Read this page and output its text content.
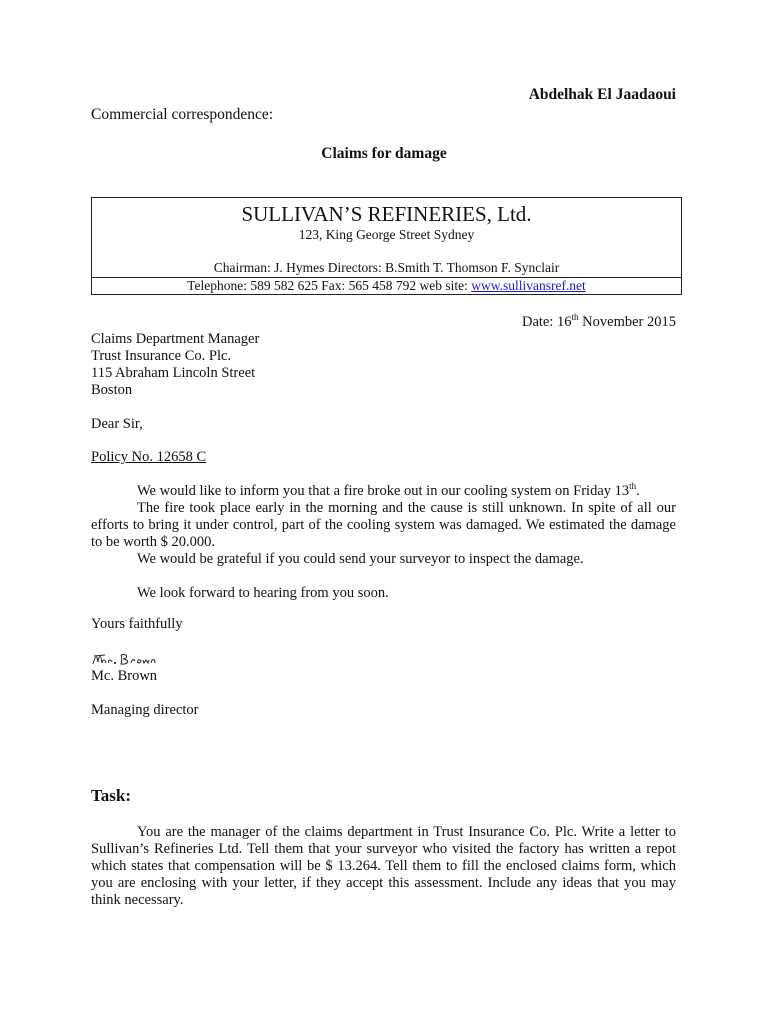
Abdelhak El Jaadaoui
Commercial correspondence:
Claims for damage
SULLIVAN’S REFINERIES, Ltd.
123, King George Street Sydney
Chairman: J. Hymes Directors: B.Smith T. Thomson F. Synclair
Telephone: 589 582 625 Fax: 565 458 792 web site: www.sullivansref.net
Date: 16th November 2015
Claims Department Manager
Trust Insurance Co. Plc.
115 Abraham Lincoln Street
Boston
Dear Sir,
Policy No. 12658 C

We would like to inform you that a fire broke out in our cooling system on Friday 13th.

The fire took place early in the morning and the cause is still unknown. In spite of all our efforts to bring it under control, part of the cooling system was damaged. We estimated the damage to be worth $ 20.000.

We would be grateful if you could send your surveyor to inspect the damage.

We look forward to hearing from you soon.

Yours faithfully
Mc. Brown
Managing director
Task:

You are the manager of the claims department in Trust Insurance Co. Plc. Write a letter to Sullivan’s Refineries Ltd. Tell them that your surveyor who visited the factory has written a repot which states that compensation will be $ 13.264. Tell them to fill the enclosed claims form, which you are enclosing with your letter, if they accept this assessment. Include any ideas that you may think necessary.
